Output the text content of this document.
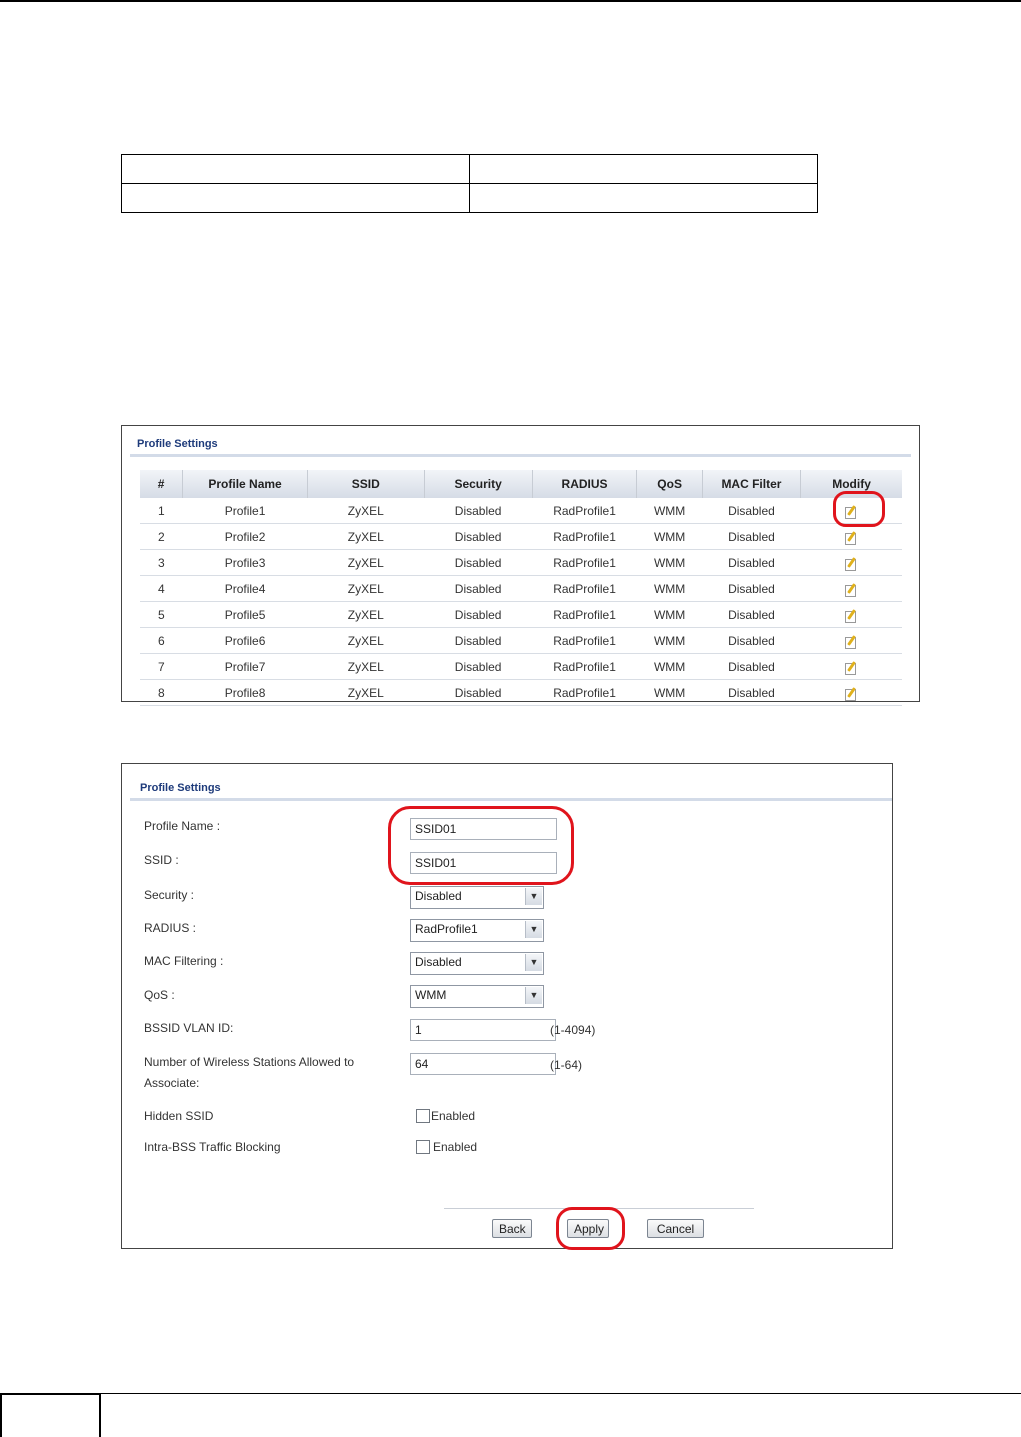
Profile Settings
#	Profile Name	SSID	Security	RADIUS	QoS	MAC Filter	Modify
1	Profile1	ZyXEL	Disabled	RadProfile1	WMM	Disabled	

2	Profile2	ZyXEL	Disabled	RadProfile1	WMM	Disabled	

3	Profile3	ZyXEL	Disabled	RadProfile1	WMM	Disabled	

4	Profile4	ZyXEL	Disabled	RadProfile1	WMM	Disabled	

5	Profile5	ZyXEL	Disabled	RadProfile1	WMM	Disabled	

6	Profile6	ZyXEL	Disabled	RadProfile1	WMM	Disabled	

7	Profile7	ZyXEL	Disabled	RadProfile1	WMM	Disabled	

8	Profile8	ZyXEL	Disabled	RadProfile1	WMM	Disabled	
Profile Settings
Profile Name :
SSID01
SSID :
SSID01
Security :	Disabled	▼
RADIUS :	RadProfile1	▼
MAC Filtering :	Disabled	▼
QoS :	WMM	▼
BSSID VLAN ID:
1	(1-4094)
Number of Wireless Stations Allowed to
Associate:
64
(1-64)
Hidden SSID	Enabled
Intra-BSS Traffic Blocking	Enabled
Back	Apply	Cancel
